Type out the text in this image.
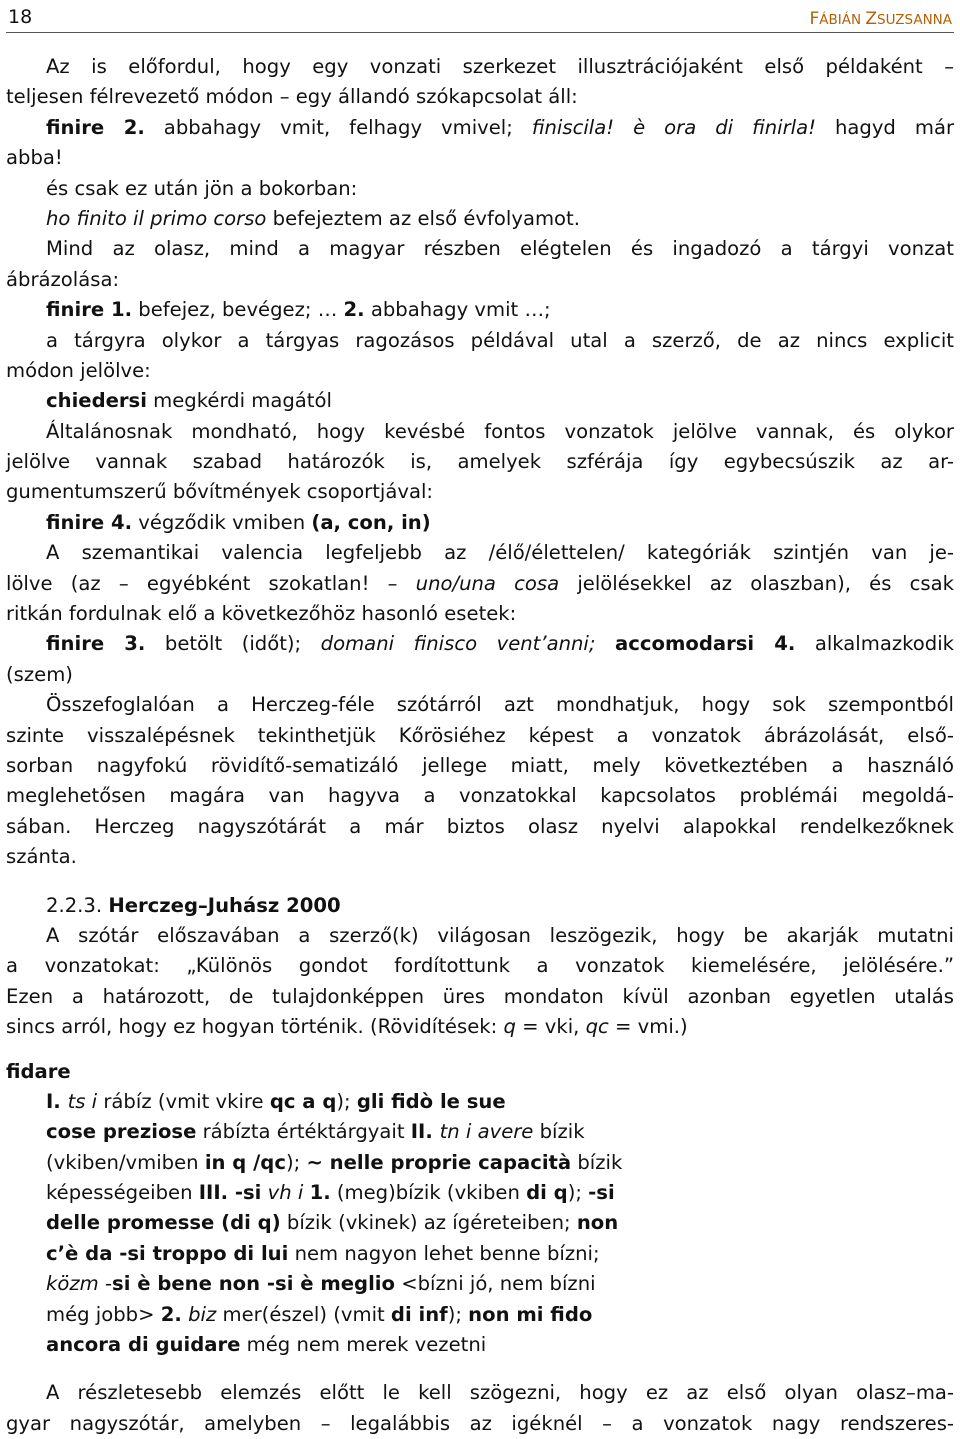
18	FÁBIÁN ZSUZSANNA
Az is előfordul, hogy egy vonzati szerkezet illusztrációjaként első példaként –
teljesen félrevezető módon – egy állandó szókapcsolat áll:
finire 2. abbahagy vmit, felhagy vmivel; finiscila! è ora di finirla! hagyd már
abba!
és csak ez után jön a bokorban:
ho finito il primo corso befejeztem az első évfolyamot.
Mind az olasz, mind a magyar részben elégtelen és ingadozó a tárgyi vonzat
ábrázolása:
finire 1. befejez, bevégez; … 2. abbahagy vmit …;
a tárgyra olykor a tárgyas ragozásos példával utal a szerző, de az nincs explicit
módon jelölve:
chiedersi megkérdi magától
Általánosnak mondható, hogy kevésbé fontos vonzatok jelölve vannak, és olykor
jelölve vannak szabad határozók is, amelyek szférája így egybecsúszik az ar-
gumentumszerű bővítmények csoportjával:
finire 4. végződik vmiben (a, con, in)
A szemantikai valencia legfeljebb az /élő/élettelen/ kategóriák szintjén van je-
lölve (az – egyébként szokatlan! – uno/una cosa jelölésekkel az olaszban), és csak
ritkán fordulnak elő a következőhöz hasonló esetek:
finire 3. betölt (időt); domani finisco vent’anni; accomodarsi 4. alkalmazkodik
(szem)
Összefoglalóan a Herczeg-féle szótárról azt mondhatjuk, hogy sok szempontból
szinte visszalépésnek tekinthetjük Kőrösiéhez képest a vonzatok ábrázolását, első-
sorban nagyfokú rövidítő-sematizáló jellege miatt, mely következtében a használó
meglehetősen magára van hagyva a vonzatokkal kapcsolatos problémái megoldá-
sában. Herczeg nagyszótárát a már biztos olasz nyelvi alapokkal rendelkezőknek
szánta.
2.2.3. Herczeg–Juhász 2000
A szótár előszavában a szerző(k) világosan leszögezik, hogy be akarják mutatni
a vonzatokat: „Különös gondot fordítottunk a vonzatok kiemelésére, jelölésére.”
Ezen a határozott, de tulajdonképpen üres mondaton kívül azonban egyetlen utalás
sincs arról, hogy ez hogyan történik. (Rövidítések: q = vki, qc = vmi.)
fidare
I. ts i rábíz (vmit vkire qc a q); gli fidò le sue
cose preziose rábízta értéktárgyait II. tn i avere bízik
(vkiben/vmiben in q /qc); ~ nelle proprie capacità bízik
képességeiben III. -si vh i 1. (meg)bízik (vkiben di q); -si
delle promesse (di q) bízik (vkinek) az ígéreteiben; non
c’è da -si troppo di lui nem nagyon lehet benne bízni;
közm -si è bene non -si è meglio <bízni jó, nem bízni
még jobb> 2. biz mer(észel) (vmit di inf); non mi fido
ancora di guidare még nem merek vezetni
A részletesebb elemzés előtt le kell szögezni, hogy ez az első olyan olasz–ma-
gyar nagyszótár, amelyben – legalábbis az igéknél – a vonzatok nagy rendszeres-
